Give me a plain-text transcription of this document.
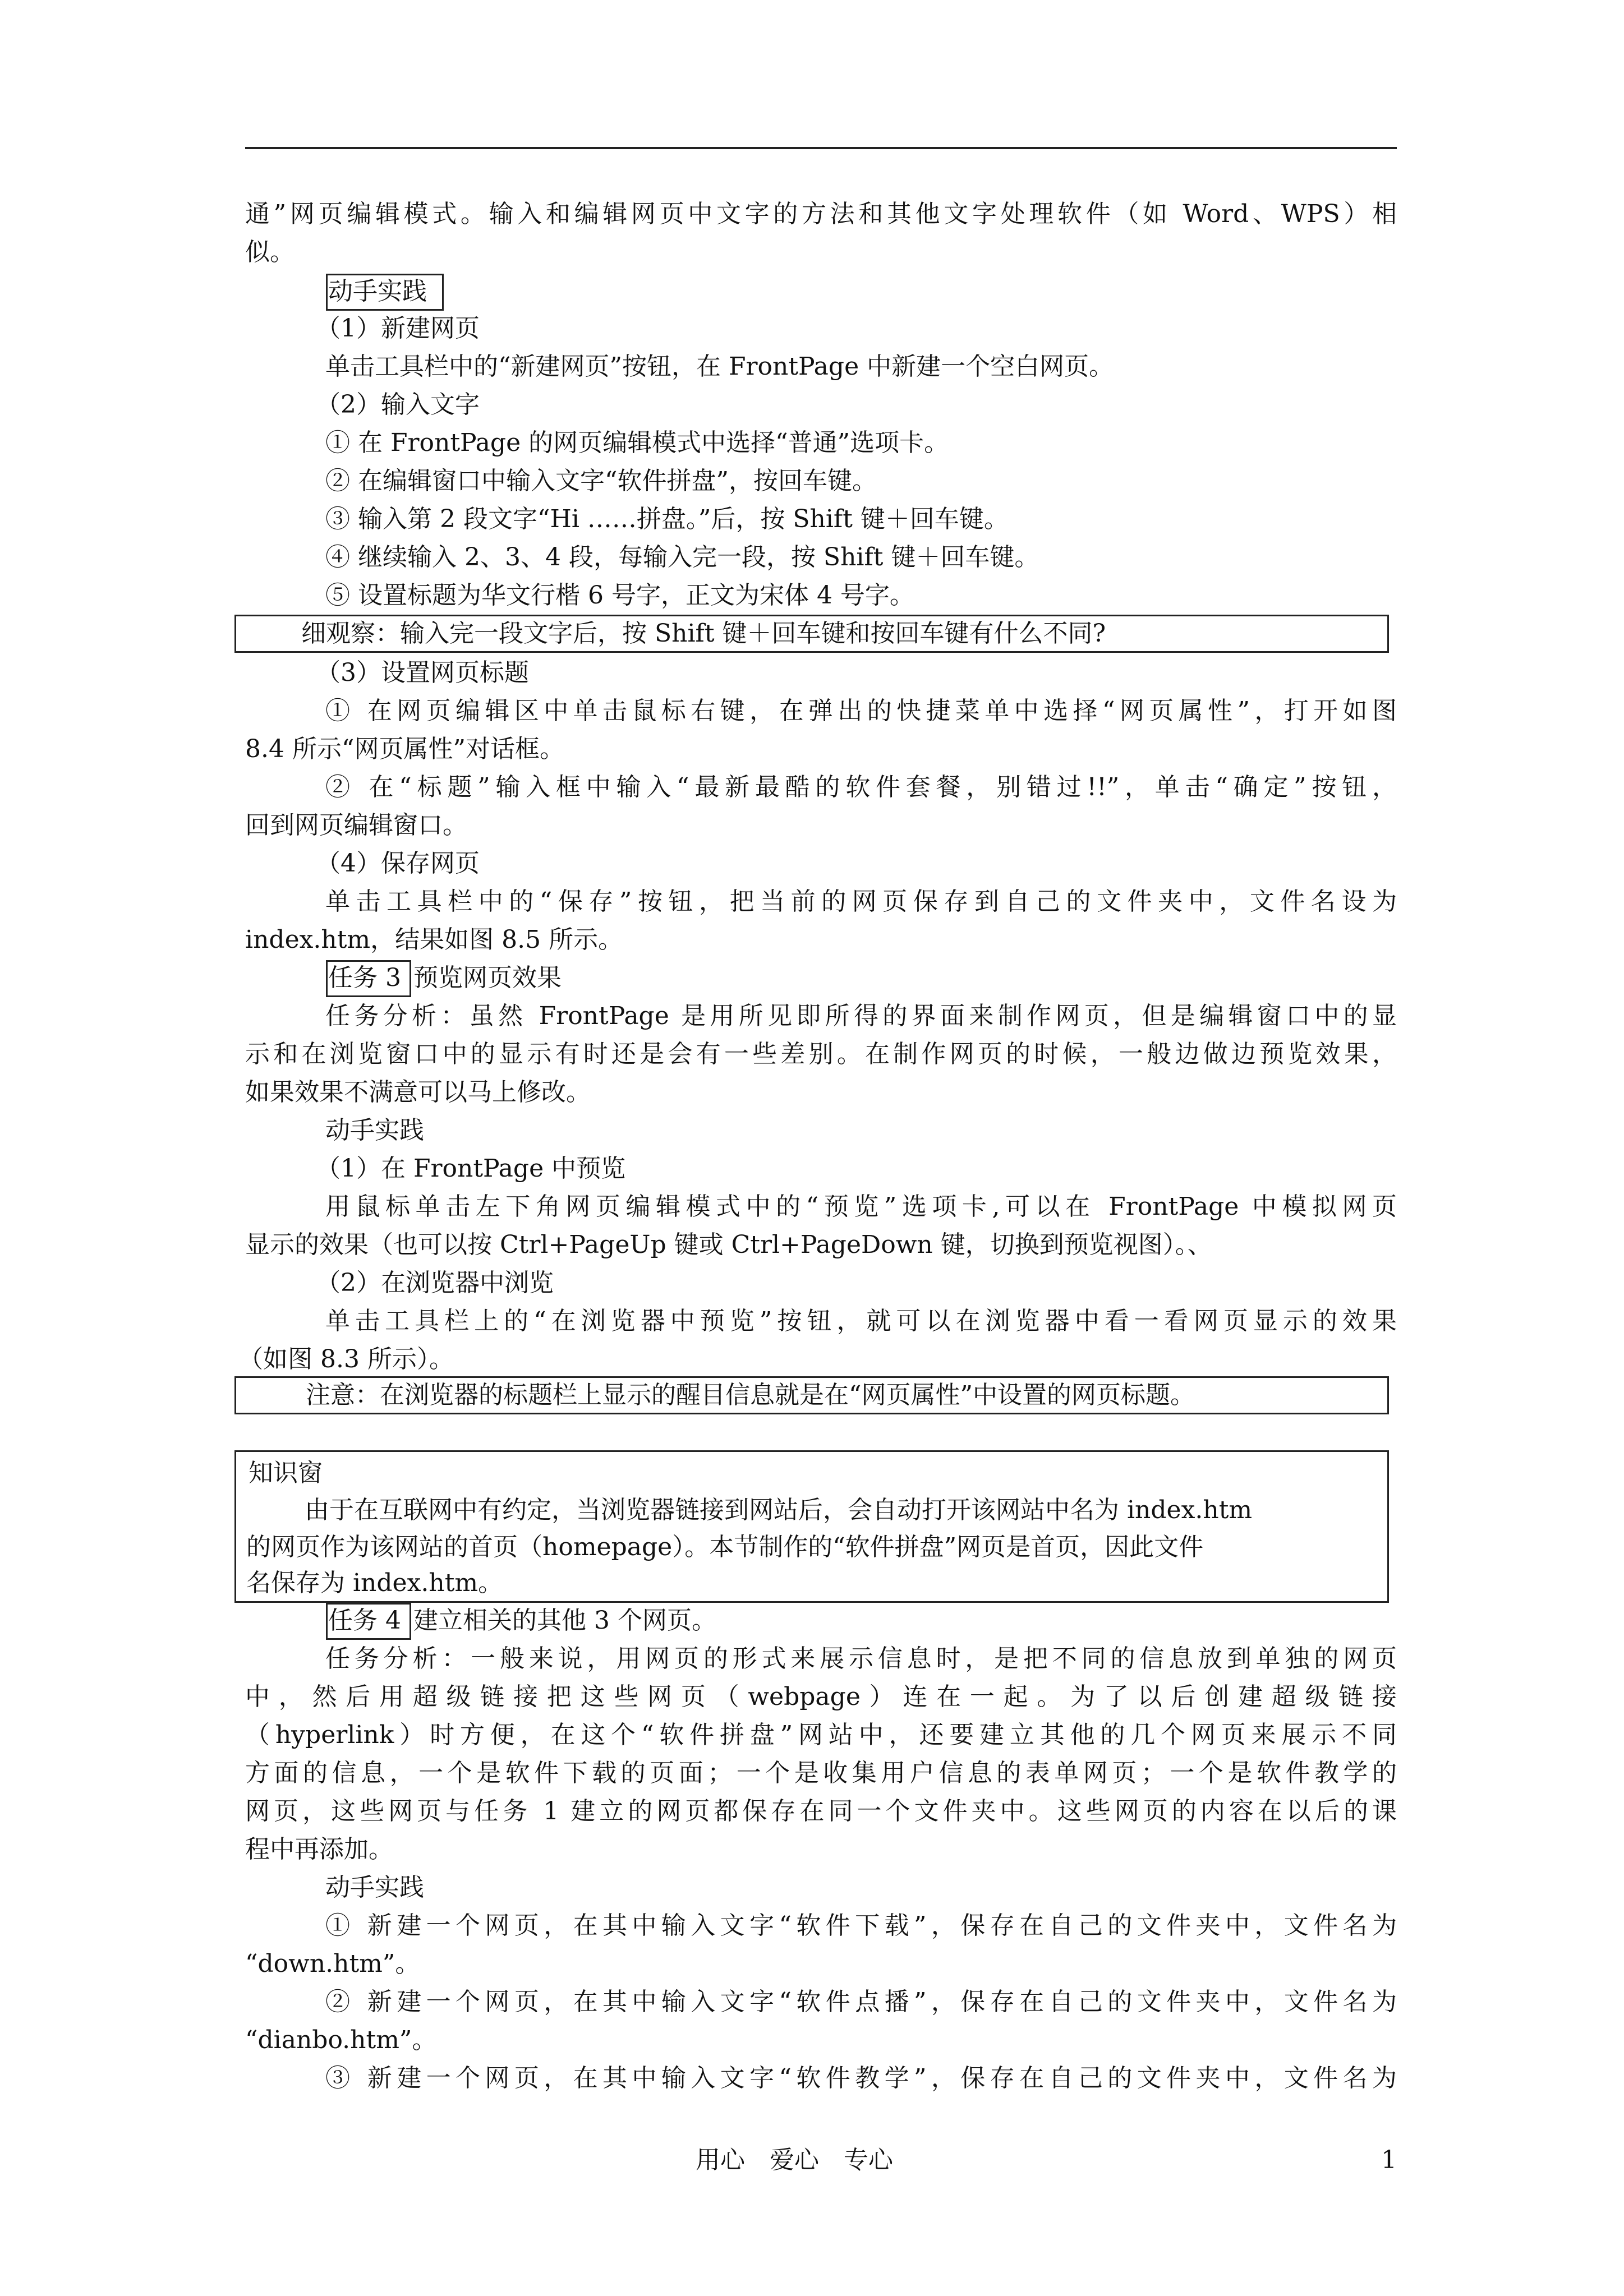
通”网页编辑模式。输入和编辑网页中文字的方法和其他文字处理软件（如 Word、WPS）相
似。
动手实践
（1）新建网页
单击工具栏中的“新建网页”按钮，在 FrontPage 中新建一个空白网页。
（2）输入文字
① 在 FrontPage 的网页编辑模式中选择“普通”选项卡。
② 在编辑窗口中输入文字“软件拼盘”，按回车键。
③ 输入第 2 段文字“Hi ……拼盘。”后，按 Shift 键＋回车键。
④ 继续输入 2、3、4 段，每输入完一段，按 Shift 键＋回车键。
⑤ 设置标题为华文行楷 6 号字，正文为宋体 4 号字。
细观察：输入完一段文字后，按 Shift 键＋回车键和按回车键有什么不同?
（3）设置网页标题
① 在网页编辑区中单击鼠标右键，在弹出的快捷菜单中选择“网页属性”，打开如图
8.4 所示“网页属性”对话框。
② 在“标题”输入框中输入“最新最酷的软件套餐，别错过!!”，单击“确定”按钮，
回到网页编辑窗口。
（4）保存网页
单击工具栏中的“保存”按钮，把当前的网页保存到自己的文件夹中，文件名设为
index.htm，结果如图 8.5 所示。
任务 3 预览网页效果
任务分析：虽然 FrontPage 是用所见即所得的界面来制作网页，但是编辑窗口中的显
示和在浏览窗口中的显示有时还是会有一些差别。在制作网页的时候，一般边做边预览效果，
如果效果不满意可以马上修改。
动手实践
（1）在 FrontPage 中预览
用鼠标单击左下角网页编辑模式中的“预览”选项卡,可以在 FrontPage 中模拟网页
显示的效果（也可以按 Ctrl+PageUp 键或 Ctrl+PageDown 键，切换到预览视图）。、
（2）在浏览器中浏览
单击工具栏上的“在浏览器中预览”按钮，就可以在浏览器中看一看网页显示的效果
（如图 8.3 所示）。
注意：在浏览器的标题栏上显示的醒目信息就是在“网页属性”中设置的网页标题。
知识窗
由于在互联网中有约定，当浏览器链接到网站后，会自动打开该网站中名为 index.htm
的网页作为该网站的首页（homepage）。本节制作的“软件拼盘”网页是首页，因此文件
名保存为 index.htm。
任务 4 建立相关的其他 3 个网页。
任务分析：一般来说，用网页的形式来展示信息时，是把不同的信息放到单独的网页
中，然后用超级链接把这些网页（webpage）连在一起。为了以后创建超级链接
（hyperlink）时方便，在这个“软件拼盘”网站中，还要建立其他的几个网页来展示不同
方面的信息，一个是软件下载的页面；一个是收集用户信息的表单网页；一个是软件教学的
网页，这些网页与任务 1 建立的网页都保存在同一个文件夹中。这些网页的内容在以后的课
程中再添加。
动手实践
① 新建一个网页，在其中输入文字“软件下载”，保存在自己的文件夹中，文件名为
“down.htm”。
② 新建一个网页，在其中输入文字“软件点播”，保存在自己的文件夹中，文件名为
“dianbo.htm”。
③ 新建一个网页，在其中输入文字“软件教学”，保存在自己的文件夹中，文件名为
用心　爱心　专心	1
